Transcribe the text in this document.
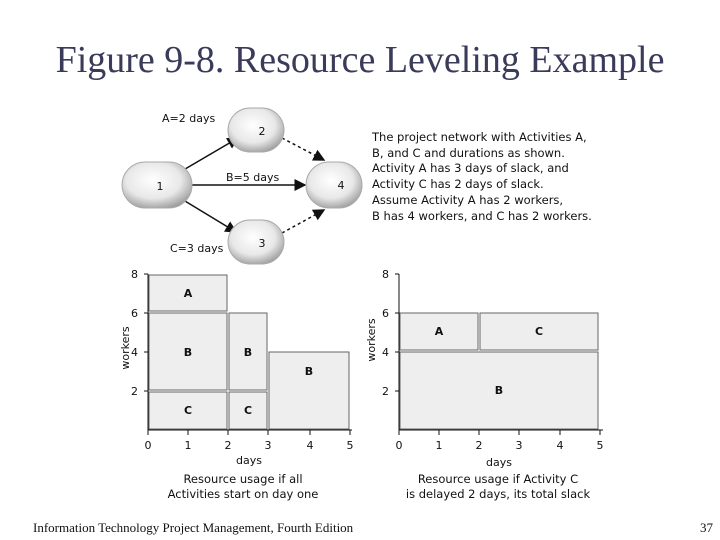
Figure 9-8. Resource Leveling Example
1
2
3
4
A=2 days
B=5 days
C=3 days
8
6
4
2
workers
0	1	2	3	4	5
days
A
B	B
B
C	C
Resource usage if all
Activities start on day one
8
6
4
2
workers
0	1	2	3	4	5
days
A	C
B
Resource usage if Activity C
is delayed 2 days, its total slack
The project network with Activities A,
B, and C and durations as shown.
Activity A has 3 days of slack, and
Activity C has 2 days of slack.
Assume Activity A has 2 workers,
B has 4 workers, and C has 2 workers.
Information Technology Project Management, Fourth Edition	37
